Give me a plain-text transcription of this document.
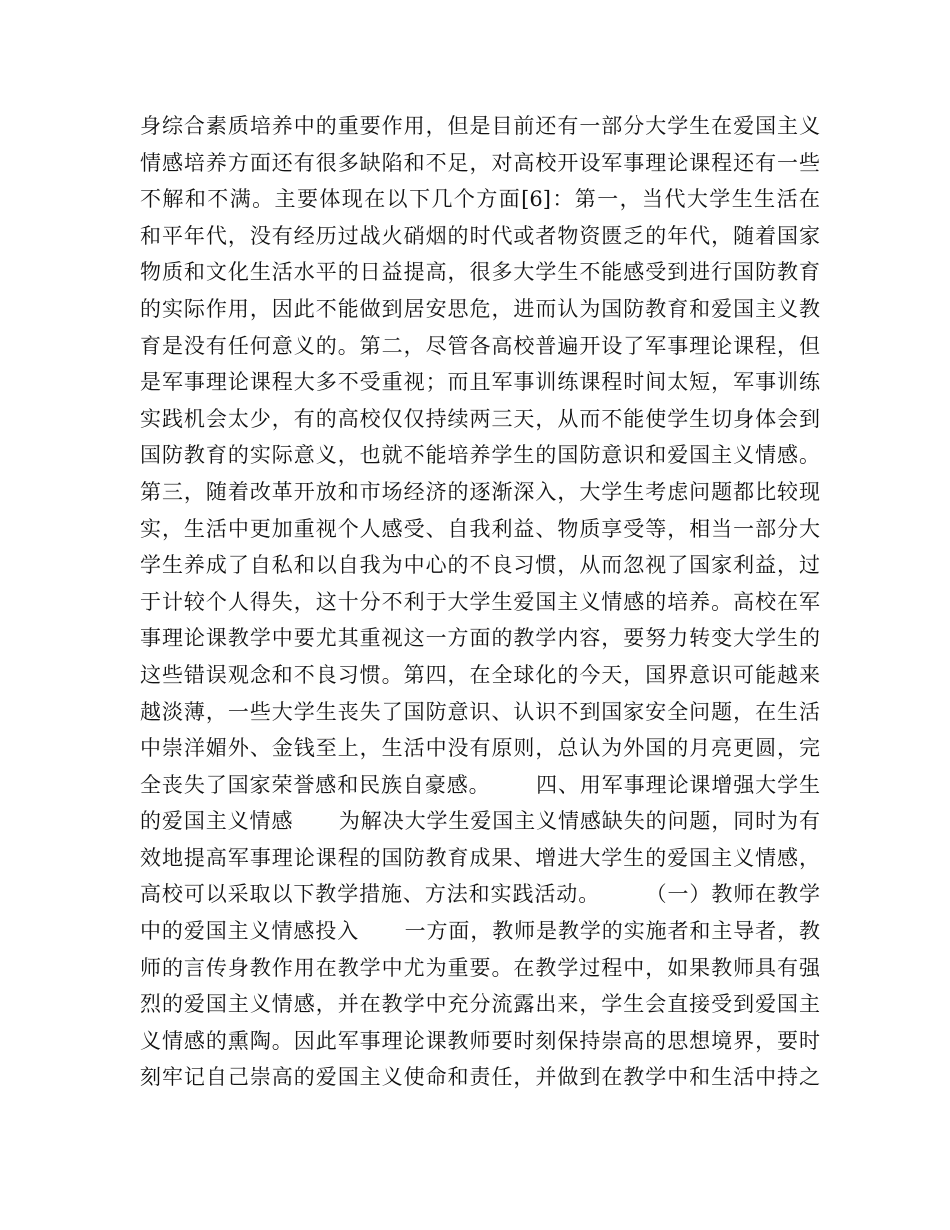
身综合素质培养中的重要作用，但是目前还有一部分大学生在爱国主义
情感培养方面还有很多缺陷和不足，对高校开设军事理论课程还有一些
不解和不满。主要体现在以下几个方面[6]：第一，当代大学生生活在
和平年代，没有经历过战火硝烟的时代或者物资匮乏的年代，随着国家
物质和文化生活水平的日益提高，很多大学生不能感受到进行国防教育
的实际作用，因此不能做到居安思危，进而认为国防教育和爱国主义教
育是没有任何意义的。第二，尽管各高校普遍开设了军事理论课程，但
是军事理论课程大多不受重视；而且军事训练课程时间太短，军事训练
实践机会太少，有的高校仅仅持续两三天，从而不能使学生切身体会到
国防教育的实际意义，也就不能培养学生的国防意识和爱国主义情感。
第三，随着改革开放和市场经济的逐渐深入，大学生考虑问题都比较现
实，生活中更加重视个人感受、自我利益、物质享受等，相当一部分大
学生养成了自私和以自我为中心的不良习惯，从而忽视了国家利益，过
于计较个人得失，这十分不利于大学生爱国主义情感的培养。高校在军
事理论课教学中要尤其重视这一方面的教学内容，要努力转变大学生的
这些错误观念和不良习惯。第四，在全球化的今天，国界意识可能越来
越淡薄，一些大学生丧失了国防意识、认识不到国家安全问题，在生活
中崇洋媚外、金钱至上，生活中没有原则，总认为外国的月亮更圆，完
全丧失了国家荣誉感和民族自豪感。      四、用军事理论课增强大学生
的爱国主义情感      为解决大学生爱国主义情感缺失的问题，同时为有
效地提高军事理论课程的国防教育成果、增进大学生的爱国主义情感，
高校可以采取以下教学措施、方法和实践活动。      （一）教师在教学
中的爱国主义情感投入      一方面，教师是教学的实施者和主导者，教
师的言传身教作用在教学中尤为重要。在教学过程中，如果教师具有强
烈的爱国主义情感，并在教学中充分流露出来，学生会直接受到爱国主
义情感的熏陶。因此军事理论课教师要时刻保持崇高的思想境界，要时
刻牢记自己崇高的爱国主义使命和责任，并做到在教学中和生活中持之
